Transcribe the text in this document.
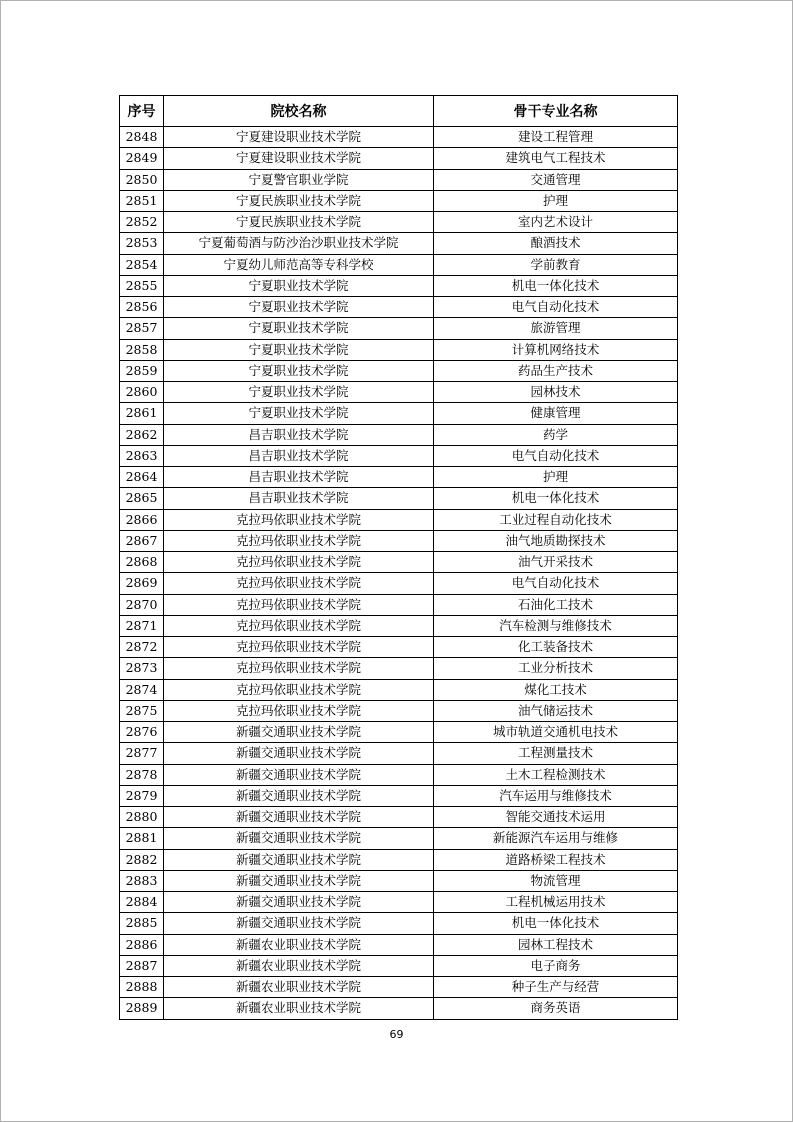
序号	院校名称	骨干专业名称
2848	宁夏建设职业技术学院	建设工程管理
2849	宁夏建设职业技术学院	建筑电气工程技术
2850	宁夏警官职业学院	交通管理
2851	宁夏民族职业技术学院	护理
2852	宁夏民族职业技术学院	室内艺术设计
2853	宁夏葡萄酒与防沙治沙职业技术学院	酿酒技术
2854	宁夏幼儿师范高等专科学校	学前教育
2855	宁夏职业技术学院	机电一体化技术
2856	宁夏职业技术学院	电气自动化技术
2857	宁夏职业技术学院	旅游管理
2858	宁夏职业技术学院	计算机网络技术
2859	宁夏职业技术学院	药品生产技术
2860	宁夏职业技术学院	园林技术
2861	宁夏职业技术学院	健康管理
2862	昌吉职业技术学院	药学
2863	昌吉职业技术学院	电气自动化技术
2864	昌吉职业技术学院	护理
2865	昌吉职业技术学院	机电一体化技术
2866	克拉玛依职业技术学院	工业过程自动化技术
2867	克拉玛依职业技术学院	油气地质勘探技术
2868	克拉玛依职业技术学院	油气开采技术
2869	克拉玛依职业技术学院	电气自动化技术
2870	克拉玛依职业技术学院	石油化工技术
2871	克拉玛依职业技术学院	汽车检测与维修技术
2872	克拉玛依职业技术学院	化工装备技术
2873	克拉玛依职业技术学院	工业分析技术
2874	克拉玛依职业技术学院	煤化工技术
2875	克拉玛依职业技术学院	油气储运技术
2876	新疆交通职业技术学院	城市轨道交通机电技术
2877	新疆交通职业技术学院	工程测量技术
2878	新疆交通职业技术学院	土木工程检测技术
2879	新疆交通职业技术学院	汽车运用与维修技术
2880	新疆交通职业技术学院	智能交通技术运用
2881	新疆交通职业技术学院	新能源汽车运用与维修
2882	新疆交通职业技术学院	道路桥梁工程技术
2883	新疆交通职业技术学院	物流管理
2884	新疆交通职业技术学院	工程机械运用技术
2885	新疆交通职业技术学院	机电一体化技术
2886	新疆农业职业技术学院	园林工程技术
2887	新疆农业职业技术学院	电子商务
2888	新疆农业职业技术学院	种子生产与经营
2889	新疆农业职业技术学院	商务英语
69
